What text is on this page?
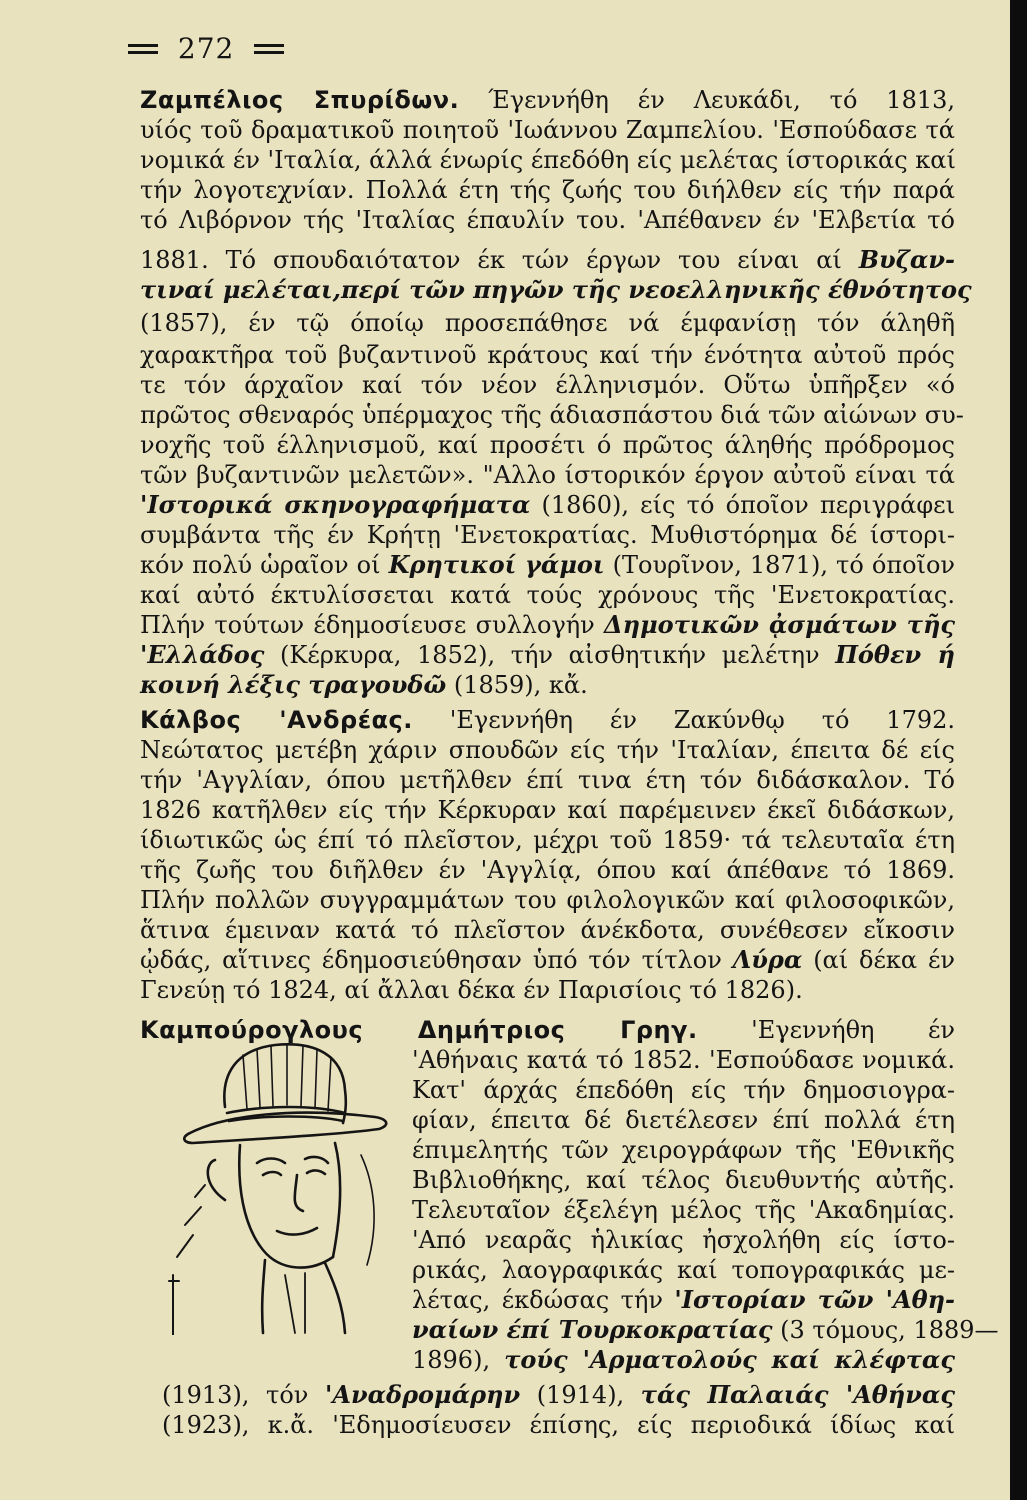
272
Ζαμπέλιος Σπυρίδων. Έγεννήθη έν Λευκάδι, τό 1813,
υίός τοῦ δραματικοῦ ποιητοῦ 'Ιωάννου Ζαμπελίου. 'Εσπούδασε τά
νομικά έν 'Ιταλία, άλλά ένωρίς έπεδόθη είς μελέτας ίστορικάς καί
τήν λογοτεχνίαν. Πολλά έτη τής ζωής του διήλθεν είς τήν παρά
τό Λιβόρνον τής 'Ιταλίας έπαυλίν του. 'Απέθανεν έν 'Ελβετία τό
1881. Τό σπουδαιότατον έκ τών έργων του είναι αί Βυζαν-
τιναί μελέται,περί τῶν πηγῶν τῆς νεοελληνικῆς έθνότητος
(1857), έν τῷ όποίῳ προσεπάθησε νά έμφανίσῃ τόν άληθῆ
χαρακτῆρα τοῦ βυζαντινοῦ κράτους καί τήν ένότητα αὐτοῦ πρός
τε τόν άρχαῖον καί τόν νέον έλληνισμόν. Οὕτω ὑπῆρξεν «ό
πρῶτος σθεναρός ὑπέρμαχος τῆς άδιασπάστου διά τῶν αἰώνων συ-
νοχῆς τοῦ έλληνισμοῦ, καί προσέτι ό πρῶτος άληθής πρόδρομος
τῶν βυζαντινῶν μελετῶν». "Αλλο ίστορικόν έργον αὐτοῦ είναι τά
'Ιστορικά σκηνογραφήματα (1860), είς τό όποῖον περιγράφει
συμβάντα τῆς έν Κρήτῃ 'Ενετοκρατίας. Μυθιστόρημα δέ ίστορι-
κόν πολύ ὡραῖον οί Κρητικοί γάμοι (Τουρῖνον, 1871), τό όποῖον
καί αὐτό έκτυλίσσεται κατά τούς χρόνους τῆς 'Ενετοκρατίας.
Πλήν τούτων έδημοσίευσε συλλογήν Δημοτικῶν ᾀσμάτων τῆς
'Ελλάδος (Κέρκυρα, 1852), τήν αἰσθητικήν μελέτην Πόθεν ή
κοινή λέξις τραγουδῶ (1859), κἄ.
Κάλβος 'Ανδρέας. 'Εγεννήθη έν Ζακύνθῳ τό 1792.
Νεώτατος μετέβη χάριν σπουδῶν είς τήν 'Ιταλίαν, έπειτα δέ είς
τήν 'Αγγλίαν, όπου μετῆλθεν έπί τινα έτη τόν διδάσκαλον. Τό
1826 κατῆλθεν είς τήν Κέρκυραν καί παρέμεινεν έκεῖ διδάσκων,
ίδιωτικῶς ὡς έπί τό πλεῖστον, μέχρι τοῦ 1859· τά τελευταῖα έτη
τῆς ζωῆς του διῆλθεν έν 'Αγγλίᾳ, όπου καί άπέθανε τό 1869.
Πλήν πολλῶν συγγραμμάτων του φιλολογικῶν καί φιλοσοφικῶν,
ἅτινα έμειναν κατά τό πλεῖστον άνέκδοτα, συνέθεσεν εἴκοσιν
ᾠδάς, αἵτινες έδημοσιεύθησαν ὑπό τόν τίτλον Λύρα (αί δέκα έν
Γενεύῃ τό 1824, αί ἄλλαι δέκα έν Παρισίοις τό 1826).
Καμπούρογλους Δημήτριος Γρηγ. 'Εγεννήθη έν
'Αθήναις κατά τό 1852. 'Εσπούδασε νομικά.
Κατ' άρχάς έπεδόθη είς τήν δημοσιογρα-
φίαν, έπειτα δέ διετέλεσεν έπί πολλά έτη
έπιμελητής τῶν χειρογράφων τῆς 'Εθνικῆς
Βιβλιοθήκης, καί τέλος διευθυντής αὐτῆς.
Τελευταῖον έξελέγη μέλος τῆς 'Ακαδημίας.
'Από νεαρᾶς ἡλικίας ἠσχολήθη είς ίστο-
ρικάς, λαογραφικάς καί τοπογραφικάς με-
λέτας, έκδώσας τήν 'Ιστορίαν τῶν 'Αθη-
ναίων έπί Τουρκοκρατίας (3 τόμους, 1889—
1896), τούς 'Αρματολούς καί κλέφτας
(1913), τόν 'Αναδρομάρην (1914), τάς Παλαιάς 'Αθήνας
(1923), κ.ἄ. 'Εδημοσίευσεν έπίσης, είς περιοδικά ίδίως καί
